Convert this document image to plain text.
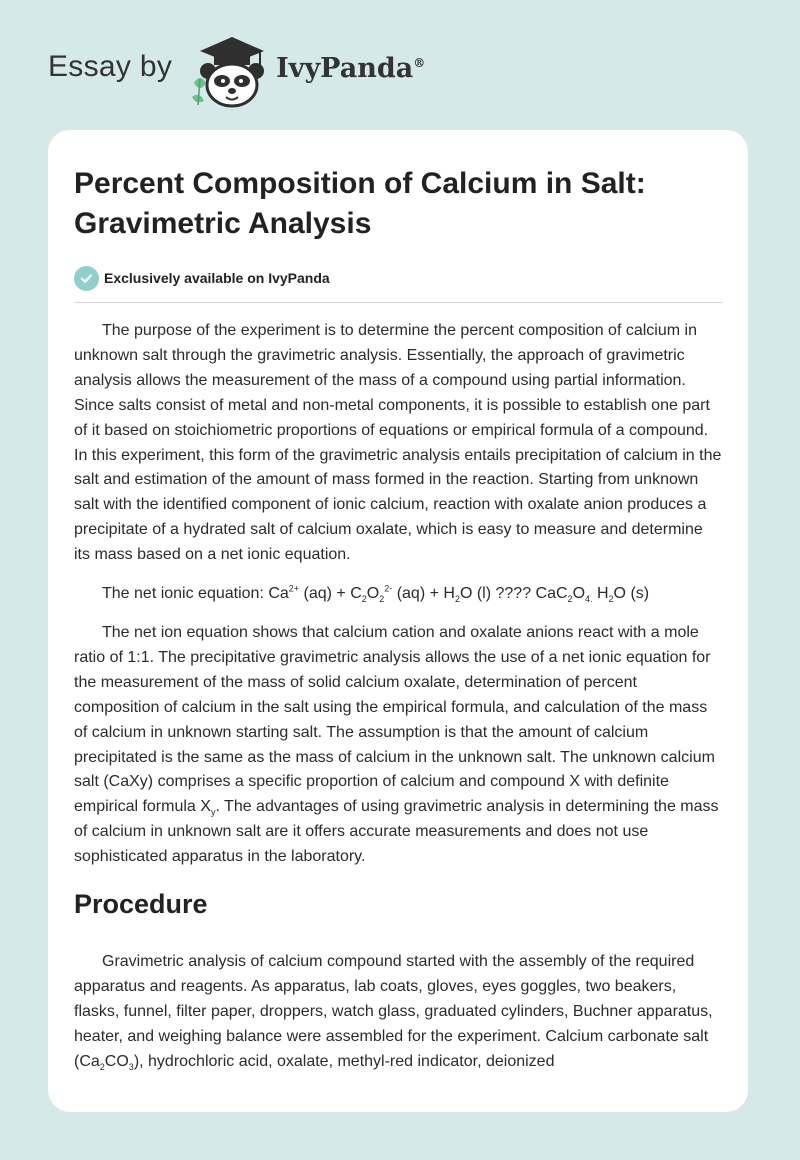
Essay by	IvyPanda®
Percent Composition of Calcium in Salt: Gravimetric Analysis
Exclusively available on IvyPanda

The purpose of the experiment is to determine the percent composition of calcium in unknown salt through the gravimetric analysis. Essentially, the approach of gravimetric analysis allows the measurement of the mass of a compound using partial information. Since salts consist of metal and non-metal components, it is possible to establish one part of it based on stoichiometric proportions of equations or empirical formula of a compound. In this experiment, this form of the gravimetric analysis entails precipitation of calcium in the salt and estimation of the amount of mass formed in the reaction. Starting from unknown salt with the identified component of ionic calcium, reaction with oxalate anion produces a precipitate of a hydrated salt of calcium oxalate, which is easy to measure and determine its mass based on a net ionic equation.

The net ionic equation: $Ca^{2+}$ $(aq) + C_2O_2^{2-}$ $(aq) + H_2O$ (l) ???? $CaC_2O_{4.}$ $H_2O$ (s)

The net ion equation shows that calcium cation and oxalate anions react with a mole ratio of 1:1. The precipitative gravimetric analysis allows the use of a net ionic equation for the measurement of the mass of solid calcium oxalate, determination of percent composition of calcium in the salt using the empirical formula, and calculation of the mass of calcium in unknown starting salt. The assumption is that the amount of calcium precipitated is the same as the mass of calcium in the unknown salt. The unknown calcium salt (CaXy) comprises a specific proportion of calcium and compound X with definite empirical formula $X_y$. The advantages of using gravimetric analysis in determining the mass of calcium in unknown salt are it offers accurate measurements and does not use sophisticated apparatus in the laboratory.

Procedure

Gravimetric analysis of calcium compound started with the assembly of the required apparatus and reagents. As apparatus, lab coats, gloves, eyes goggles, two beakers, flasks, funnel, filter paper, droppers, watch glass, graduated cylinders, Buchner apparatus, heater, and weighing balance were assembled for the experiment. Calcium carbonate salt $(Ca_2CO_3)$, hydrochloric acid, oxalate, methyl-red indicator, deionized
